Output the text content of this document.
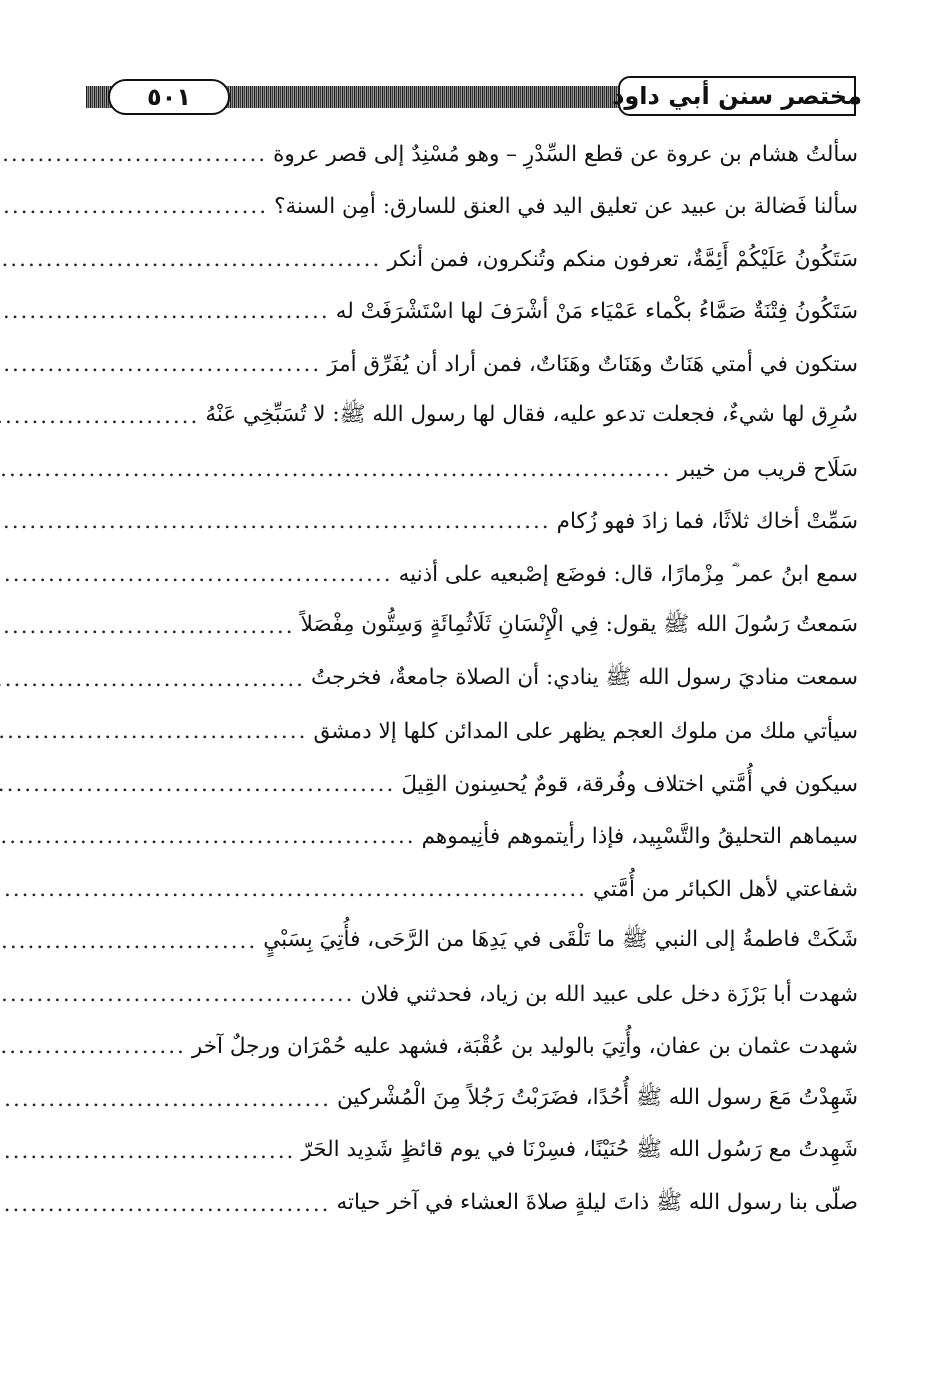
مختصر سنن أبي داود
٥٠١
سألتُ هشام بن عروة عن قطع السِّدْرِ – وهو مُسْنِدٌ إلى قصر عروة
.....
سألنا فَضالة بن عبيد عن تعليق اليد في العنق للسارق: أمِن السنة؟
.....
سَتَكُونُ عَلَيْكُمْ أَئِمَّةٌ، تعرفون منكم وتُنكرون، فمن أنكر
.....
سَتَكُونُ فِتْنَةٌ صَمَّاءُ بكْماء عَمْيَاء مَنْ أشْرَفَ لها اسْتَشْرَفَتْ له
.....
ستكون في أمتي هَنَاتٌ وهَنَاتٌ وهَنَاتٌ، فمن أراد أن يُفَرِّق أمرَ
.....
سُرِق لها شيءٌ، فجعلت تدعو عليه، فقال لها رسول الله ﷺ: لا تُسَبِّخِي عَنْهُ
.....
سَلَاح قريب من خيبر
.....
سَمِّتْ أخاك ثلاثًا، فما زادَ فهو زُكام
.....
سمع ابنُ عمر ؓ مِزْمارًا، قال: فوضَع إصْبعيه على أذنيه
.....
سَمعتُ رَسُولَ الله ﷺ يقول: فِي الْإِنْسَانِ ثَلَاثُمِائَةٍ وَسِتُّون مِفْصَلاً
.....
سمعت مناديَ رسول الله ﷺ ينادي: أن الصلاة جامعةٌ، فخرجتُ
.....
سيأتي ملك من ملوك العجم يظهر على المدائن كلها إلا دمشق
.....
سيكون في أُمَّتي اختلاف وفُرقة، قومٌ يُحسِنون القِيلَ
.....
سيماهم التحليقُ والتَّسْبِيد، فإذا رأيتموهم فأنِيموهم
.....
شفاعتي لأهل الكبائر من أُمَّتي
.....
شَكَتْ فاطمةُ إلى النبي ﷺ ما تَلْقَى في يَدِهَا من الرَّحَى، فأُتِيَ بِسَبْيٍ
.....
شهدت أبا بَرْزَة دخل على عبيد الله بن زياد، فحدثني فلان
.....
شهدت عثمان بن عفان، وأُتِيَ بالوليد بن عُقْبَة، فشهد عليه حُمْرَان ورجلٌ آخر
.....
شَهِدْتُ مَعَ رسول الله ﷺ أُحُدًا، فضَرَبْتُ رَجُلاً مِنَ الْمُشْركين
.....
شَهِدتُ مع رَسُول الله ﷺ حُنَيْنًا، فسِرْنَا في يوم قائظٍ شَدِيد الحَرّ
.....
صلّى بنا رسول الله ﷺ ذاتَ ليلةٍ صلاةَ العشاء في آخر حياته
.....
